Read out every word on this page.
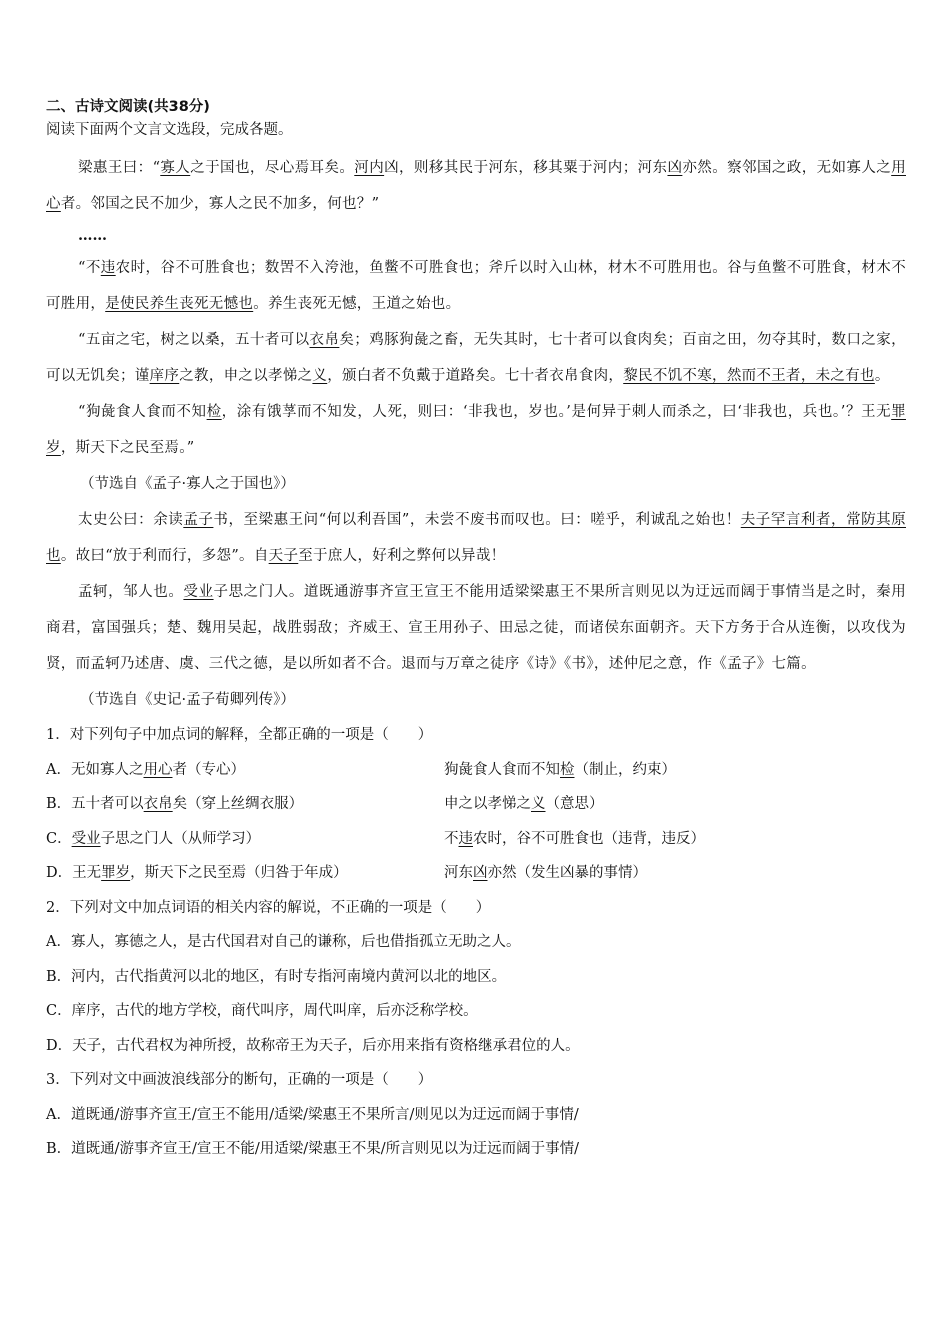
二、古诗文阅读(共38分)

阅读下面两个文言文选段，完成各题。

梁惠王曰：“寡人之于国也，尽心焉耳矣。河内凶，则移其民于河东，移其粟于河内；河东凶亦然。察邻国之政，无如寡人之用心者。邻国之民不加少，寡人之民不加多，何也？”

……

“不违农时，谷不可胜食也；数罟不入洿池，鱼鳖不可胜食也；斧斤以时入山林，材木不可胜用也。谷与鱼鳖不可胜食，材木不可胜用，是使民养生丧死无憾也。养生丧死无憾，王道之始也。

“五亩之宅，树之以桑，五十者可以衣帛矣；鸡豚狗彘之畜，无失其时，七十者可以食肉矣；百亩之田，勿夺其时，数口之家，可以无饥矣；谨庠序之教，申之以孝悌之义，颁白者不负戴于道路矣。七十者衣帛食肉，黎民不饥不寒，然而不王者，未之有也。

“狗彘食人食而不知检，涂有饿莩而不知发，人死，则曰：‘非我也，岁也。’是何异于刺人而杀之，曰‘非我也，兵也。’？王无罪岁，斯天下之民至焉。”

（节选自《孟子·寡人之于国也》）

太史公曰：余读孟子书，至梁惠王问“何以利吾国”，未尝不废书而叹也。曰：嗟乎，利诚乱之始也！夫子罕言利者，常防其原也。故曰“放于利而行，多怨”。自天子至于庶人，好利之弊何以异哉！

孟轲，邹人也。受业子思之门人。道既通游事齐宣王宣王不能用适梁梁惠王不果所言则见以为迂远而阔于事情当是之时，秦用商君，富国强兵；楚、魏用吴起，战胜弱敌；齐威王、宣王用孙子、田忌之徒，而诸侯东面朝齐。天下方务于合从连衡，以攻伐为贤，而孟轲乃述唐、虞、三代之德，是以所如者不合。退而与万章之徒序《诗》《书》，述仲尼之意，作《孟子》七篇。

（节选自《史记·孟子荀卿列传》）

1．对下列句子中加点词的解释，全都正确的一项是（　　）

A．无如寡人之用心者（专心）	狗彘食人食而不知检（制止，约束）
B．五十者可以衣帛矣（穿上丝绸衣服）	申之以孝悌之义（意思）
C．受业子思之门人（从师学习）	不违农时，谷不可胜食也（违背，违反）
D．王无罪岁，斯天下之民至焉（归咎于年成）	河东凶亦然（发生凶暴的事情）

2．下列对文中加点词语的相关内容的解说，不正确的一项是（　　）

A．寡人，寡德之人，是古代国君对自己的谦称，后也借指孤立无助之人。

B．河内，古代指黄河以北的地区，有时专指河南境内黄河以北的地区。

C．庠序，古代的地方学校，商代叫序，周代叫庠，后亦泛称学校。

D．天子，古代君权为神所授，故称帝王为天子，后亦用来指有资格继承君位的人。

3．下列对文中画波浪线部分的断句，正确的一项是（　　）

A．道既通/游事齐宣王/宣王不能用/适梁/梁惠王不果所言/则见以为迂远而阔于事情/

B．道既通/游事齐宣王/宣王不能/用适梁/梁惠王不果/所言则见以为迂远而阔于事情/
